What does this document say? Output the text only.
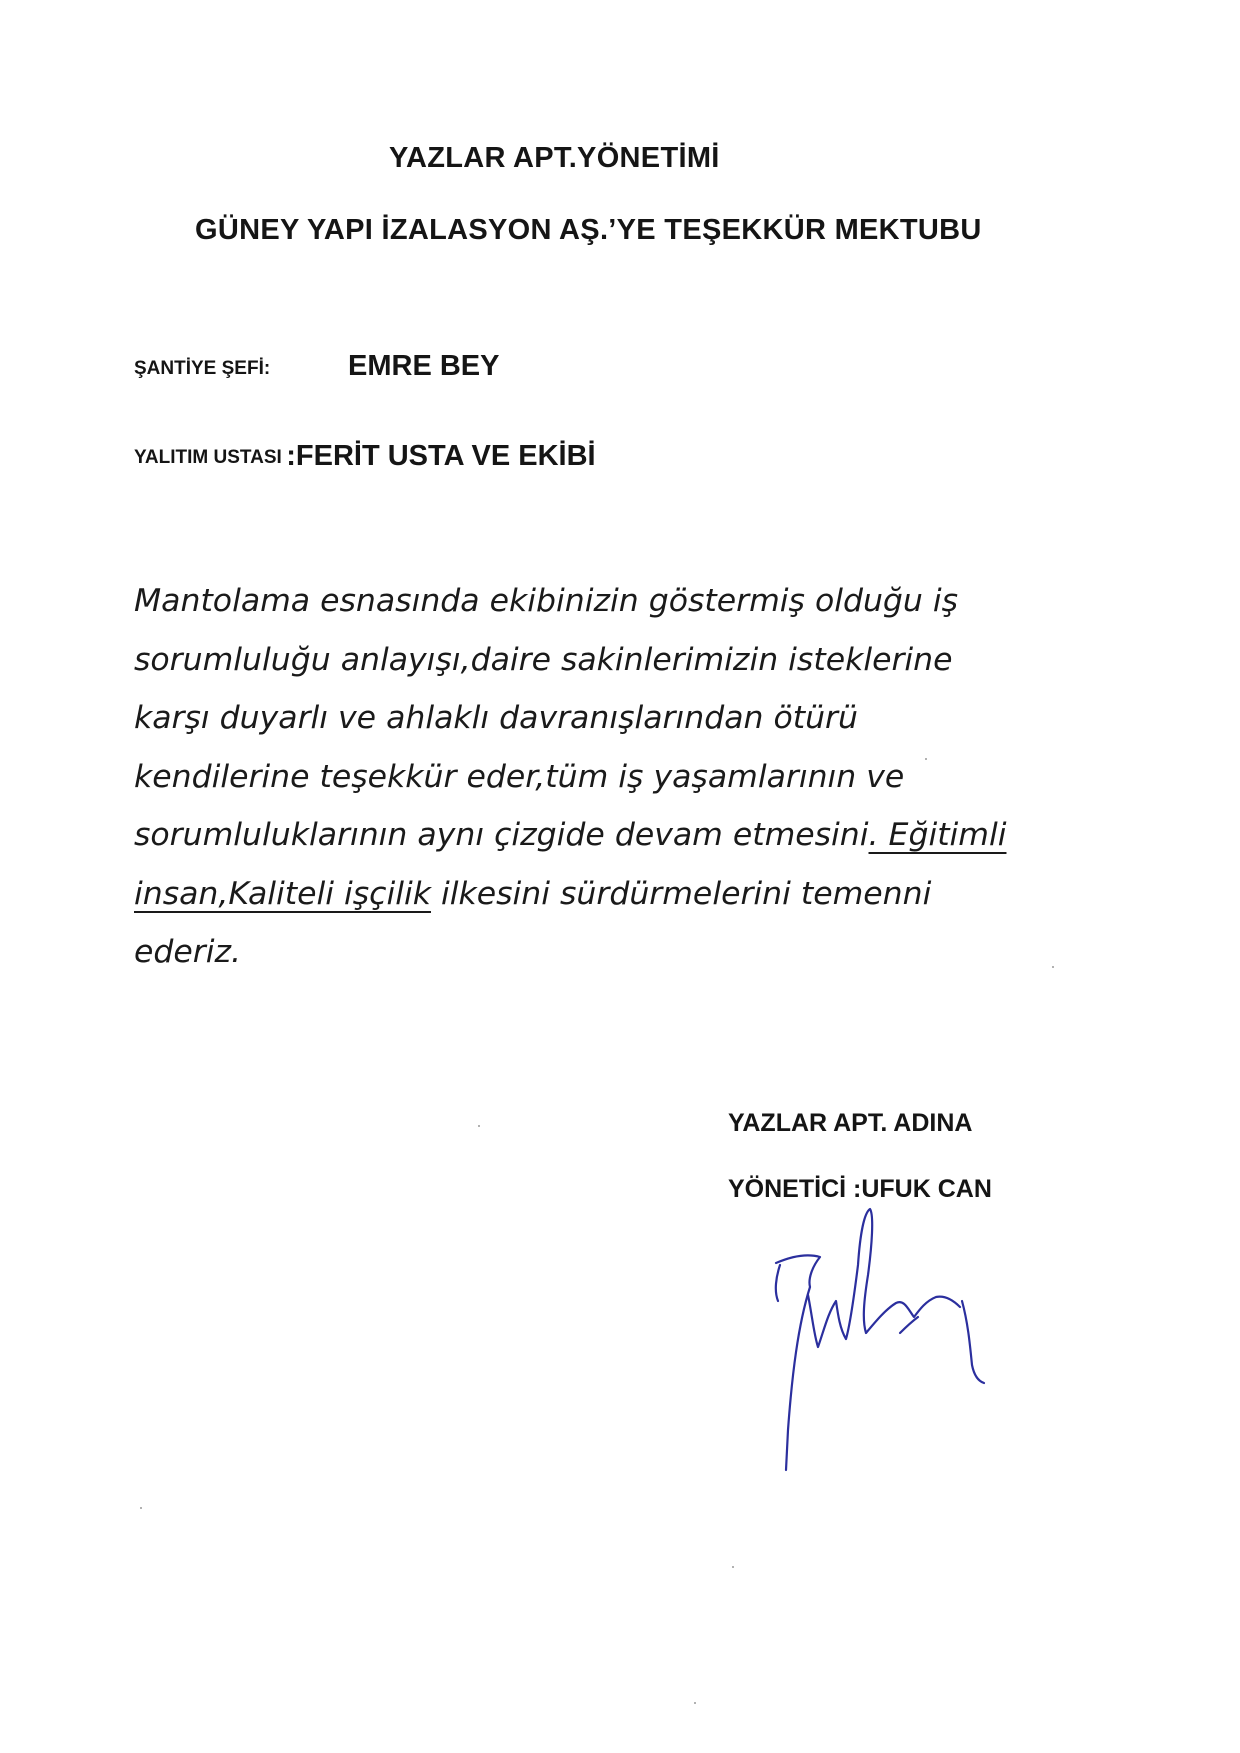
YAZLAR APT.YÖNETİMİ
GÜNEY YAPI İZALASYON AŞ.’YE TEŞEKKÜR MEKTUBU
ŞANTİYE ŞEFİ:	EMRE BEY
YALITIM USTASI :FERİT USTA VE EKİBİ
Mantolama esnasında ekibinizin göstermiş olduğu iş
sorumluluğu anlayışı,daire sakinlerimizin isteklerine
karşı duyarlı ve ahlaklı davranışlarından ötürü
kendilerine teşekkür eder,tüm iş yaşamlarının ve
sorumluluklarının aynı çizgide devam etmesini. Eğitimli
insan,Kaliteli işçilik ilkesini sürdürmelerini temenni
ederiz.
YAZLAR APT. ADINA
YÖNETİCİ :UFUK CAN
